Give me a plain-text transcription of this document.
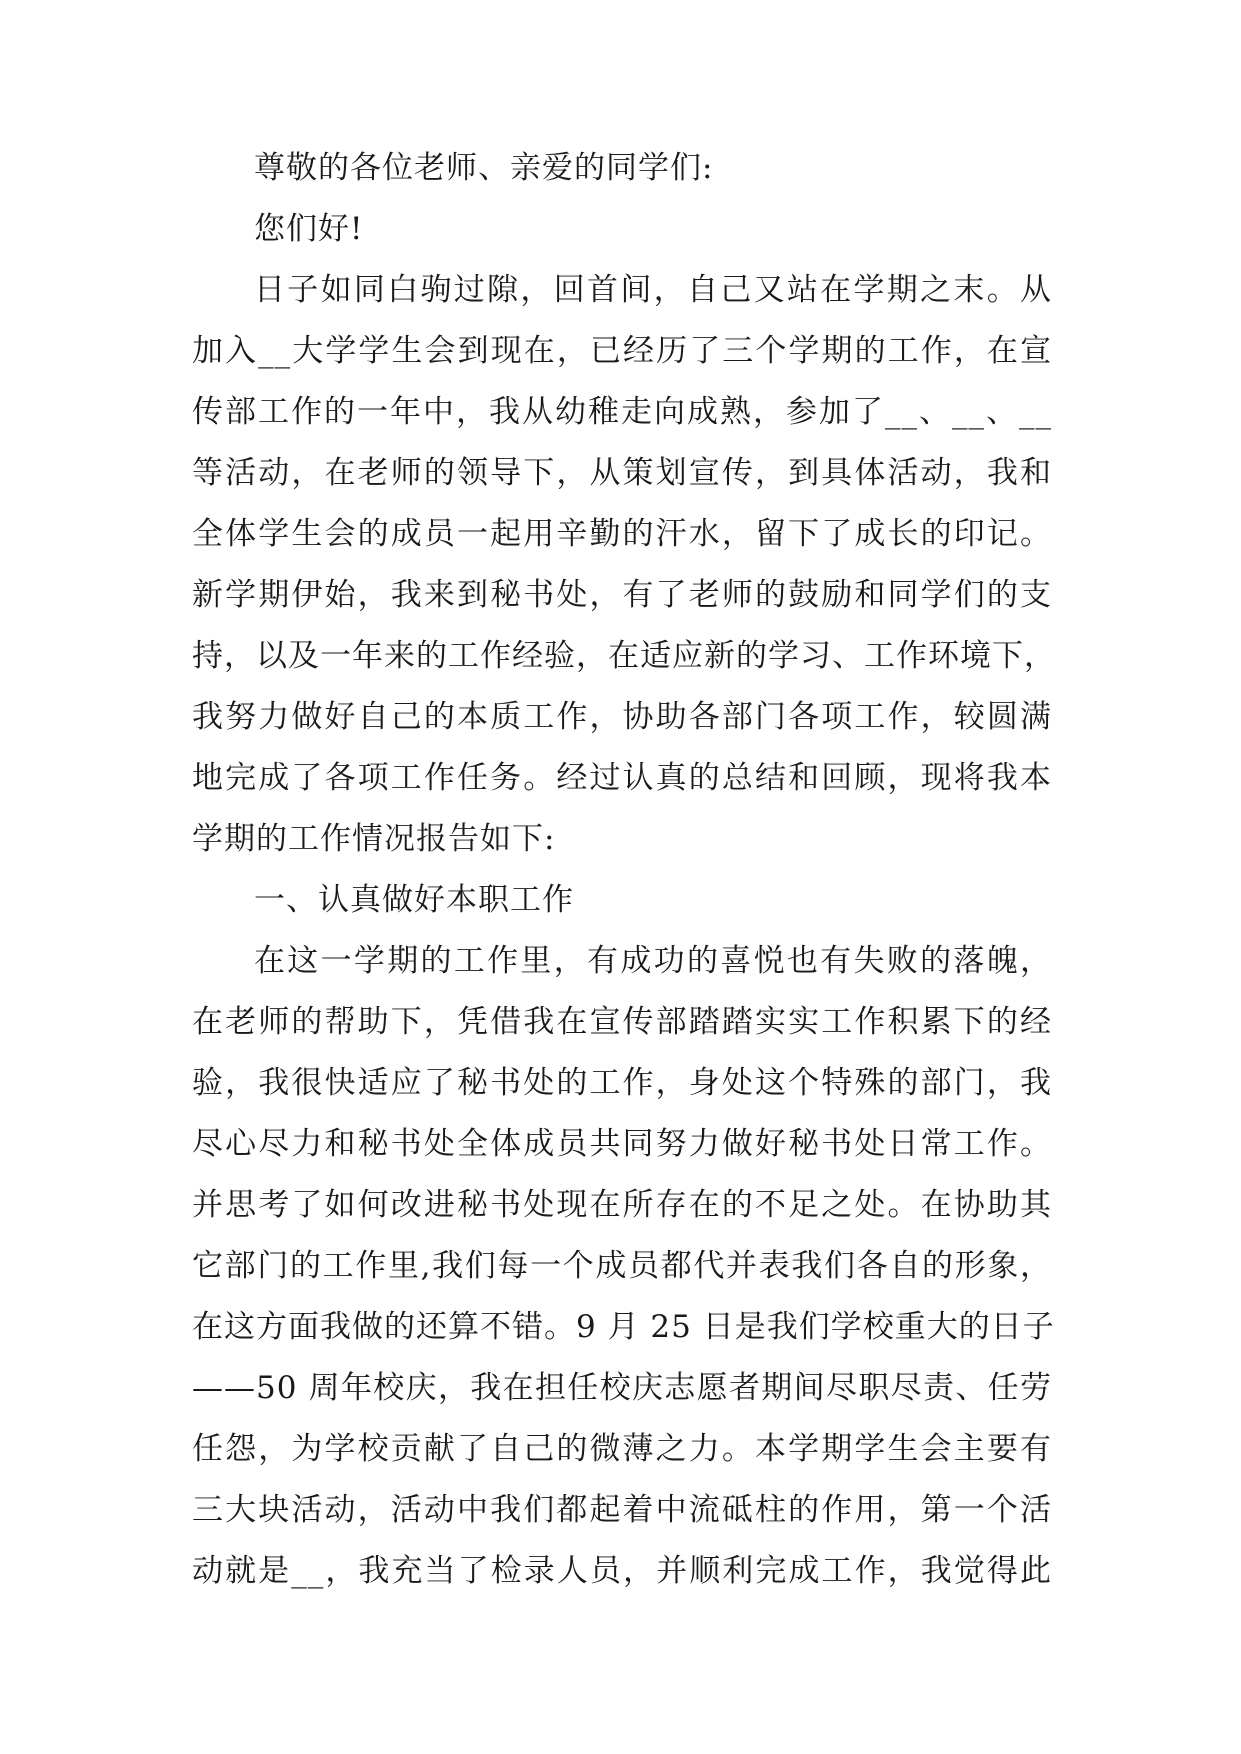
尊敬的各位老师、亲爱的同学们:
您们好!
日子如同白驹过隙，回首间，自己又站在学期之末。从
加入__大学学生会到现在，已经历了三个学期的工作，在宣
传部工作的一年中，我从幼稚走向成熟，参加了__、__、__
等活动，在老师的领导下，从策划宣传，到具体活动，我和
全体学生会的成员一起用辛勤的汗水，留下了成长的印记。
新学期伊始，我来到秘书处，有了老师的鼓励和同学们的支
持，以及一年来的工作经验，在适应新的学习、工作环境下，
我努力做好自己的本质工作，协助各部门各项工作，较圆满
地完成了各项工作任务。经过认真的总结和回顾，现将我本
学期的工作情况报告如下:
一、认真做好本职工作
在这一学期的工作里，有成功的喜悦也有失败的落魄，
在老师的帮助下，凭借我在宣传部踏踏实实工作积累下的经
验，我很快适应了秘书处的工作，身处这个特殊的部门，我
尽心尽力和秘书处全体成员共同努力做好秘书处日常工作。
并思考了如何改进秘书处现在所存在的不足之处。在协助其
它部门的工作里,我们每一个成员都代并表我们各自的形象，
在这方面我做的还算不错。9 月 25 日是我们学校重大的日子
——50 周年校庆，我在担任校庆志愿者期间尽职尽责、任劳
任怨，为学校贡献了自己的微薄之力。本学期学生会主要有
三大块活动，活动中我们都起着中流砥柱的作用，第一个活
动就是__，我充当了检录人员，并顺利完成工作，我觉得此
